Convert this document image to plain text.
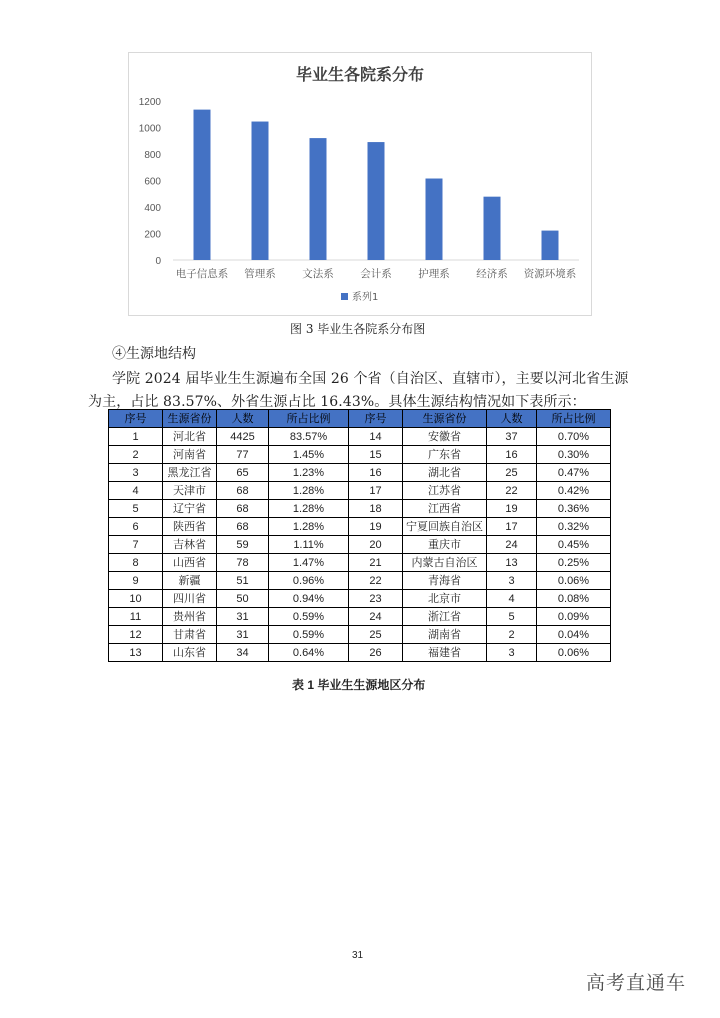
毕业生各院系分布
0
200
400
600
800
1000
1200
电子信息系 管理系	文法系	会计系	护理系	经济系 资源环境系
系列1
图 3 毕业生各院系分布图
④生源地结构
学院 2024 届毕业生生源遍布全国 26 个省（自治区、直辖市），主要以河北省生源
为主，占比 83.57%、外省生源占比 16.43%。具体生源结构情况如下表所示：
序号	生源省份	人数	所占比例	序号	生源省份	人数	所占比例
1	河北省	4425	83.57%	14	安徽省	37	0.70%
2	河南省	77	1.45%	15	广东省	16	0.30%
3	黑龙江省	65	1.23%	16	湖北省	25	0.47%
4	天津市	68	1.28%	17	江苏省	22	0.42%
5	辽宁省	68	1.28%	18	江西省	19	0.36%
6	陕西省	68	1.28%	19	宁夏回族自治区	17	0.32%
7	吉林省	59	1.11%	20	重庆市	24	0.45%
8	山西省	78	1.47%	21	内蒙古自治区	13	0.25%
9	新疆	51	0.96%	22	青海省	3	0.06%
10	四川省	50	0.94%	23	北京市	4	0.08%
11	贵州省	31	0.59%	24	浙江省	5	0.09%
12	甘肃省	31	0.59%	25	湖南省	2	0.04%
13	山东省	34	0.64%	26	福建省	3	0.06%
表 1 毕业生生源地区分布
31
高考直通车
